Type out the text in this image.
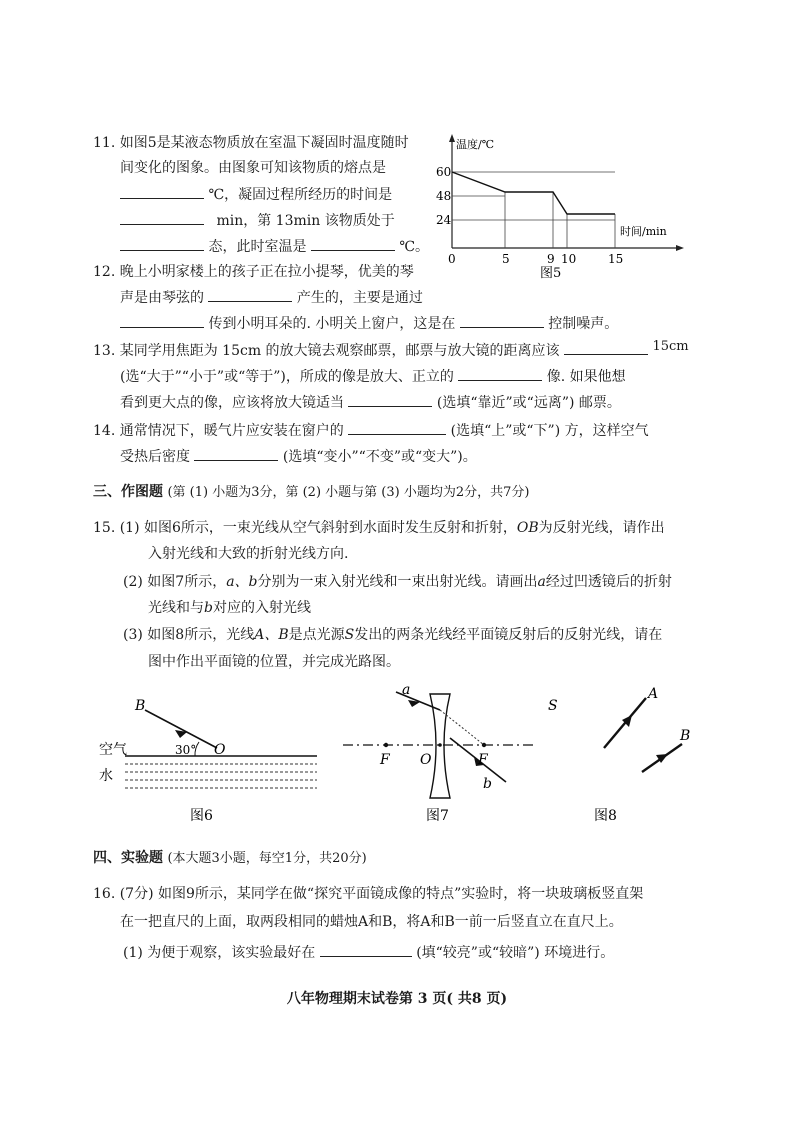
11. 如图5是某液态物质放在室温下凝固时温度随时
间变化的图象。由图象可知该物质的熔点是
℃，凝固过程所经历的时间是
min，第 13min 该物质处于
态，此时室温是	℃。
温度/℃
时间/min
60
48
24
0	5	9 10	15
图5
12. 晚上小明家楼上的孩子正在拉小提琴，优美的琴
声是由琴弦的	产生的，主要是通过
传到小明耳朵的. 小明关上窗户，这是在	控制噪声。
13. 某同学用焦距为 15cm 的放大镜去观察邮票，邮票与放大镜的距离应该	15cm
(选“大于”“小于”或“等于”)，所成的像是放大、正立的	像. 如果他想
看到更大点的像，应该将放大镜适当	(选填“靠近”或“远离”) 邮票。
14. 通常情况下，暖气片应安装在窗户的	(选填“上”或“下”) 方，这样空气
受热后密度	(选填“变小”“不变”或“变大”)。
三、作图题 (第 (1) 小题为3分，第 (2) 小题与第 (3) 小题均为2分，共7分)
15. (1) 如图6所示，一束光线从空气斜射到水面时发生反射和折射，OB为反射光线，请作出
入射光线和大致的折射光线方向.
(2) 如图7所示，a、b分别为一束入射光线和一束出射光线。请画出a经过凹透镜后的折射
光线和与b对应的入射光线
(3) 如图8所示，光线A、B是点光源S发出的两条光线经平面镜反射后的反射光线，请在
图中作出平面镜的位置，并完成光路图。
B
O
30°
空气
水
图6
a
b
F O	F
图7
S
A
B
图8
四、实验题 (本大题3小题，每空1分，共20分)
16. (7分) 如图9所示，某同学在做“探究平面镜成像的特点”实验时，将一块玻璃板竖直架
在一把直尺的上面，取两段相同的蜡烛A和B，将A和B一前一后竖直立在直尺上。
(1) 为便于观察，该实验最好在	(填“较亮”或“较暗”) 环境进行。
八年物理期末试卷第 3 页( 共8 页)
